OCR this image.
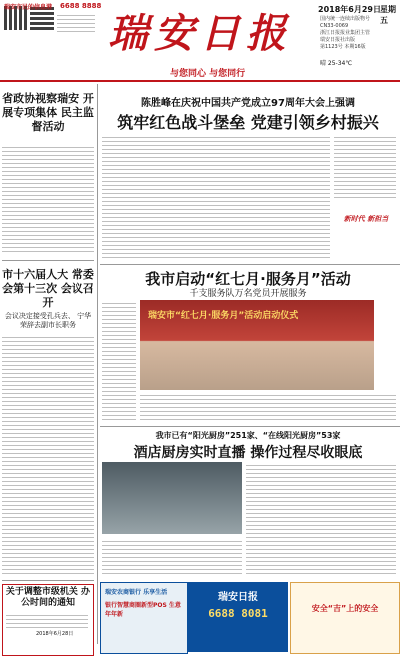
瑞安市民的信息港 6688 8888
瑞安日报
与您同心 与您同行
2018年6月29日 星期五
国内统一连续出版物号
CN33-0069
浙江日报报业集团主管
瑞安日报社出版
第1123号 本期16版
晴 25-34℃
省政协视察瑞安 开展专项集体 民主监督活动
市十六届人大 常委会第十三次 会议召开
会议决定接受孔兵去、 宁华荣辞去副市长职务
关于调整市级机关 办公时间的通知
2018年6月28日
陈胜峰在庆祝中国共产党成立97周年大会上强调
筑牢红色战斗堡垒 党建引领乡村振兴
新时代 新担当
我市启动“红七月·服务月”活动
千支服务队万名党员开展服务
瑞安市“红七月·服务月”活动启动仪式
我市已有“阳光厨房”251家、“在线阳光厨房”53家
酒店厨房实时直播 操作过程尽收眼底
瑞安农商银行 乐享生活
银行智慧商圈新型POS 生意年年新
瑞安日报
6688 8081	安全“吉”上的安全
